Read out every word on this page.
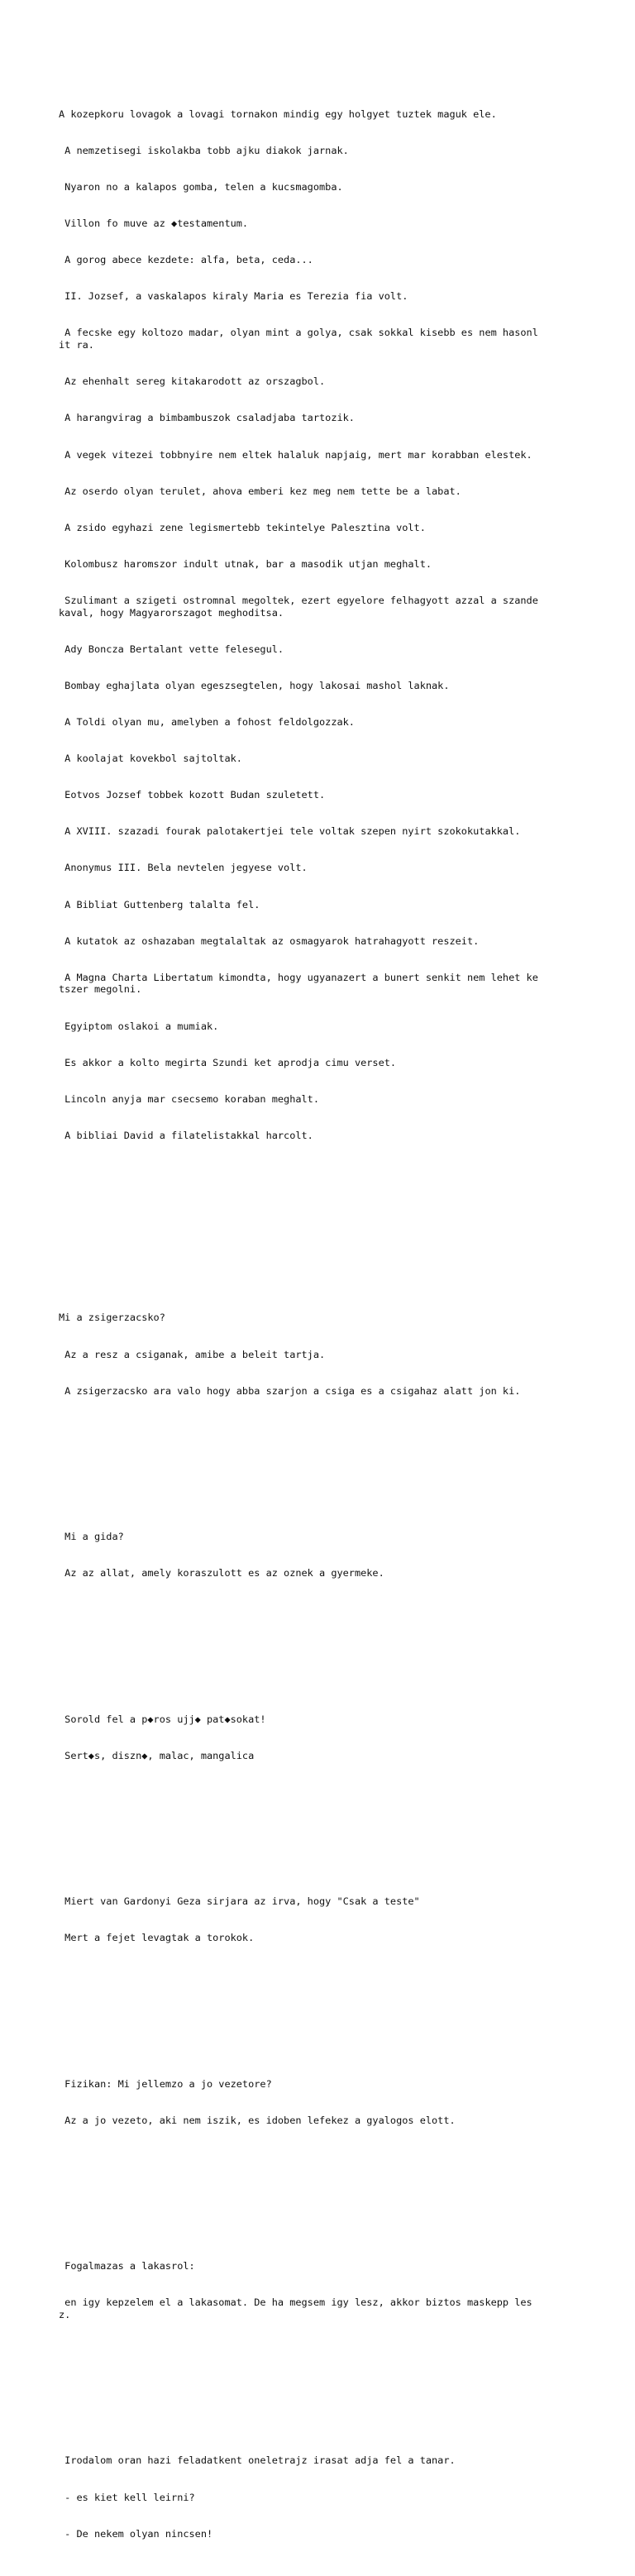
A kozepkoru lovagok a lovagi tornakon mindig egy holgyet tuztek maguk ele.

A nemzetisegi iskolakba tobb ajku diakok jarnak.

Nyaron no a kalapos gomba, telen a kucsmagomba.

Villon fo muve az ◆testamentum.

A gorog abece kezdete: alfa, beta, ceda...

II. Jozsef, a vaskalapos kiraly Maria es Terezia fia volt.

A fecske egy koltozo madar, olyan mint a golya, csak sokkal kisebb es nem hasonlit ra.

Az ehenhalt sereg kitakarodott az orszagbol.

A harangvirag a bimbambuszok csaladjaba tartozik.

A vegek vitezei tobbnyire nem eltek halaluk napjaig, mert mar korabban elestek.

Az oserdo olyan terulet, ahova emberi kez meg nem tette be a labat.

A zsido egyhazi zene legismertebb tekintelye Palesztina volt.

Kolombusz haromszor indult utnak, bar a masodik utjan meghalt.

Szulimant a szigeti ostromnal megoltek, ezert egyelore felhagyott azzal a szandekaval, hogy Magyarorszagot meghoditsa.

Ady Boncza Bertalant vette felesegul.

Bombay eghajlata olyan egeszsegtelen, hogy lakosai mashol laknak.

A Toldi olyan mu, amelyben a fohost feldolgozzak.

A koolajat kovekbol sajtoltak.

Eotvos Jozsef tobbek kozott Budan szuletett.

A XVIII. szazadi fourak palotakertjei tele voltak szepen nyirt szokokutakkal.

Anonymus III. Bela nevtelen jegyese volt.

A Bibliat Guttenberg talalta fel.

A kutatok az oshazaban megtalaltak az osmagyarok hatrahagyott reszeit.

A Magna Charta Libertatum kimondta, hogy ugyanazert a bunert senkit nem lehet ketszer megolni.

Egyiptom oslakoi a mumiak.

Es akkor a kolto megirta Szundi ket aprodja cimu verset.

Lincoln anyja mar csecsemo koraban meghalt.

A bibliai David a filatelistakkal harcolt.

Mi a zsigerzacsko?

Az a resz a csiganak, amibe a beleit tartja.

A zsigerzacsko ara valo hogy abba szarjon a csiga es a csigahaz alatt jon ki.

Mi a gida?

Az az allat, amely koraszulott es az oznek a gyermeke.

Sorold fel a p◆ros ujj◆ pat◆sokat!

Sert◆s, diszn◆, malac, mangalica

Miert van Gardonyi Geza sirjara az irva, hogy "Csak a teste"

Mert a fejet levagtak a torokok.

Fizikan: Mi jellemzo a jo vezetore?

Az a jo vezeto, aki nem iszik, es idoben lefekez a gyalogos elott.

Fogalmazas a lakasrol:

en igy kepzelem el a lakasomat. De ha megsem igy lesz, akkor biztos maskepp lesz.

Irodalom oran hazi feladatkent oneletrajz irasat adja fel a tanar.

- es kiet kell leirni?

- De nekem olyan nincsen!
